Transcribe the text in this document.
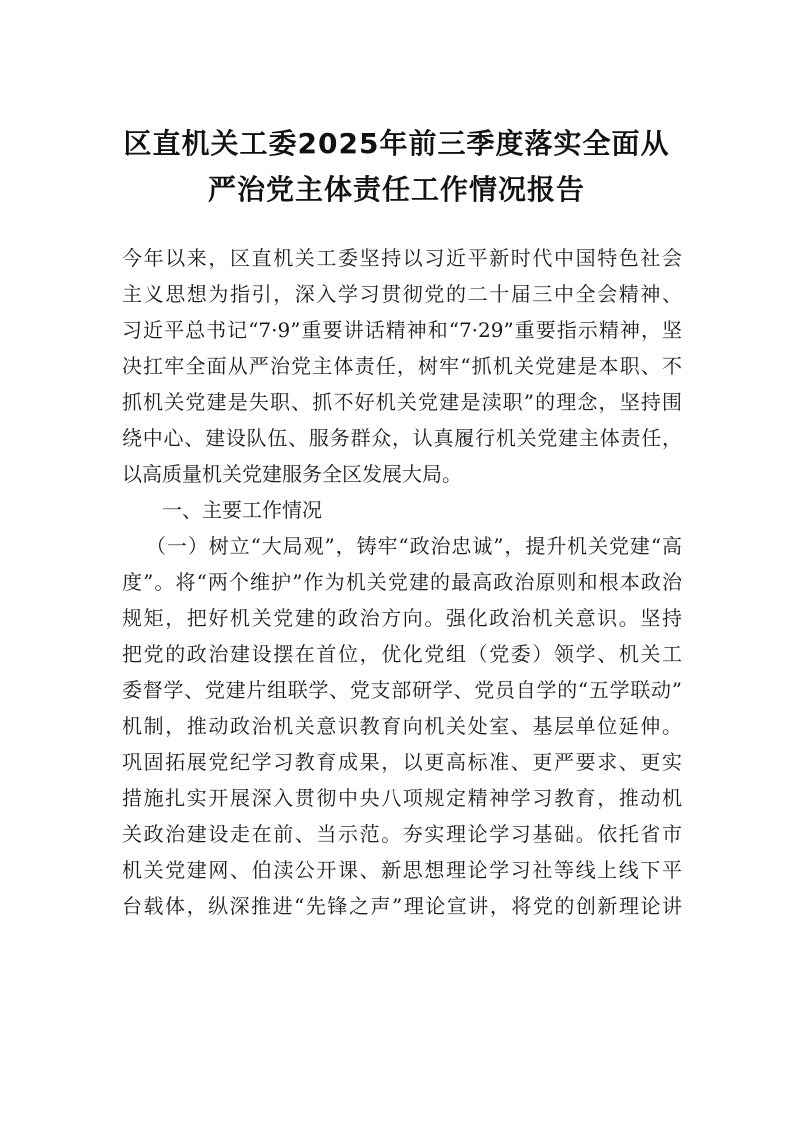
区直机关工委2025年前三季度落实全面从
严治党主体责任工作情况报告
今年以来，区直机关工委坚持以习近平新时代中国特色社会
主义思想为指引，深入学习贯彻党的二十届三中全会精神、
习近平总书记“7·9”重要讲话精神和“7·29”重要指示精神，坚
决扛牢全面从严治党主体责任，树牢“抓机关党建是本职、不
抓机关党建是失职、抓不好机关党建是渎职”的理念，坚持围
绕中心、建设队伍、服务群众，认真履行机关党建主体责任，
以高质量机关党建服务全区发展大局。
一、主要工作情况
（一）树立“大局观”，铸牢“政治忠诚”，提升机关党建“高
度”。将“两个维护”作为机关党建的最高政治原则和根本政治
规矩，把好机关党建的政治方向。强化政治机关意识。坚持
把党的政治建设摆在首位，优化党组（党委）领学、机关工
委督学、党建片组联学、党支部研学、党员自学的“五学联动”
机制，推动政治机关意识教育向机关处室、基层单位延伸。
巩固拓展党纪学习教育成果，以更高标准、更严要求、更实
措施扎实开展深入贯彻中央八项规定精神学习教育，推动机
关政治建设走在前、当示范。夯实理论学习基础。依托省市
机关党建网、伯渎公开课、新思想理论学习社等线上线下平
台载体，纵深推进“先锋之声”理论宣讲，将党的创新理论讲
